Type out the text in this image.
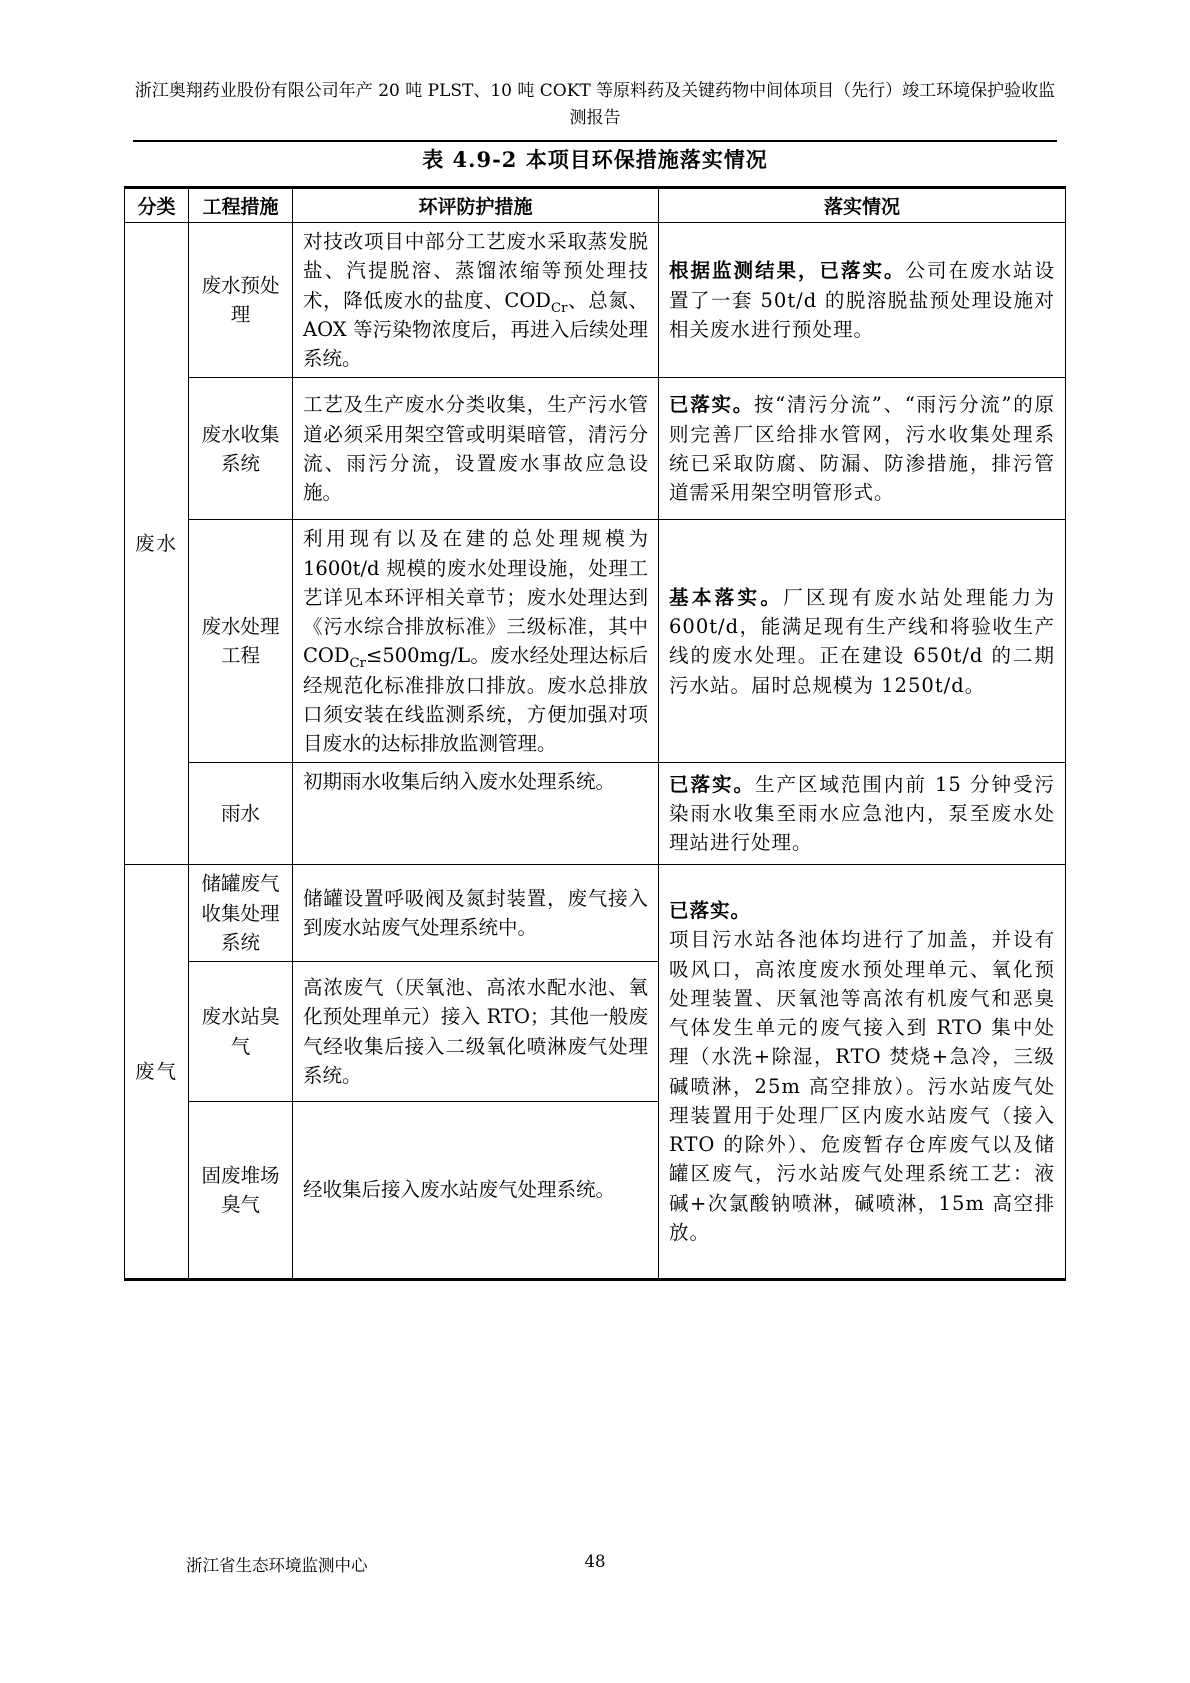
浙江奥翔药业股份有限公司年产 20 吨 PLST、10 吨 COKT 等原料药及关键药物中间体项目（先行）竣工环境保护验收监测报告
表 4.9-2 本项目环保措施落实情况
分类	工程措施	环评防护措施	落实情况
废水	废水预处理	对技改项目中部分工艺废水采取蒸发脱盐、汽提脱溶、蒸馏浓缩等预处理技术，降低废水的盐度、$COD_{Cr}$、总氮、AOX 等污染物浓度后，再进入后续处理系统。	根据监测结果，已落实。公司在废水站设置了一套 50t/d 的脱溶脱盐预处理设施对相关废水进行预处理。
	废水收集系统	工艺及生产废水分类收集，生产污水管道必须采用架空管或明渠暗管，清污分流、雨污分流，设置废水事故应急设施。	已落实。按“清污分流”、“雨污分流”的原则完善厂区给排水管网，污水收集处理系统已采取防腐、防漏、防渗措施，排污管道需采用架空明管形式。
	废水处理工程	利用现有以及在建的总处理规模为 1600t/d 规模的废水处理设施，处理工艺详见本环评相关章节；废水处理达到《污水综合排放标准》三级标准，其中 $COD_{Cr}\le 500mg/L$。废水经处理达标后经规范化标准排放口排放。废水总排放口须安装在线监测系统，方便加强对项目废水的达标排放监测管理。	基本落实。厂区现有废水站处理能力为 600t/d，能满足现有生产线和将验收生产线的废水处理。正在建设 650t/d 的二期污水站。届时总规模为 1250t/d。
	雨水	初期雨水收集后纳入废水处理系统。	已落实。生产区域范围内前 15 分钟受污染雨水收集至雨水应急池内，泵至废水处理站进行处理。
废气	储罐废气收集处理系统	储罐设置呼吸阀及氮封装置，废气接入到废水站废气处理系统中。	已落实。
项目污水站各池体均进行了加盖，并设有吸风口，高浓度废水预处理单元、氧化预处理装置、厌氧池等高浓有机废气和恶臭气体发生单元的废气接入到 RTO 集中处理（水洗+除湿，RTO 焚烧+急冷，三级碱喷淋，25m 高空排放）。污水站废气处理装置用于处理厂区内废水站废气（接入 RTO 的除外）、危废暂存仓库废气以及储罐区废气，污水站废气处理系统工艺：液碱+次氯酸钠喷淋，碱喷淋，15m 高空排放。
	废水站臭气	高浓废气（厌氧池、高浓水配水池、氧化预处理单元）接入 RTO；其他一般废气经收集后接入二级氧化喷淋废气处理系统。	
	固废堆场臭气	经收集后接入废水站废气处理系统。	
浙江省生态环境监测中心	48
